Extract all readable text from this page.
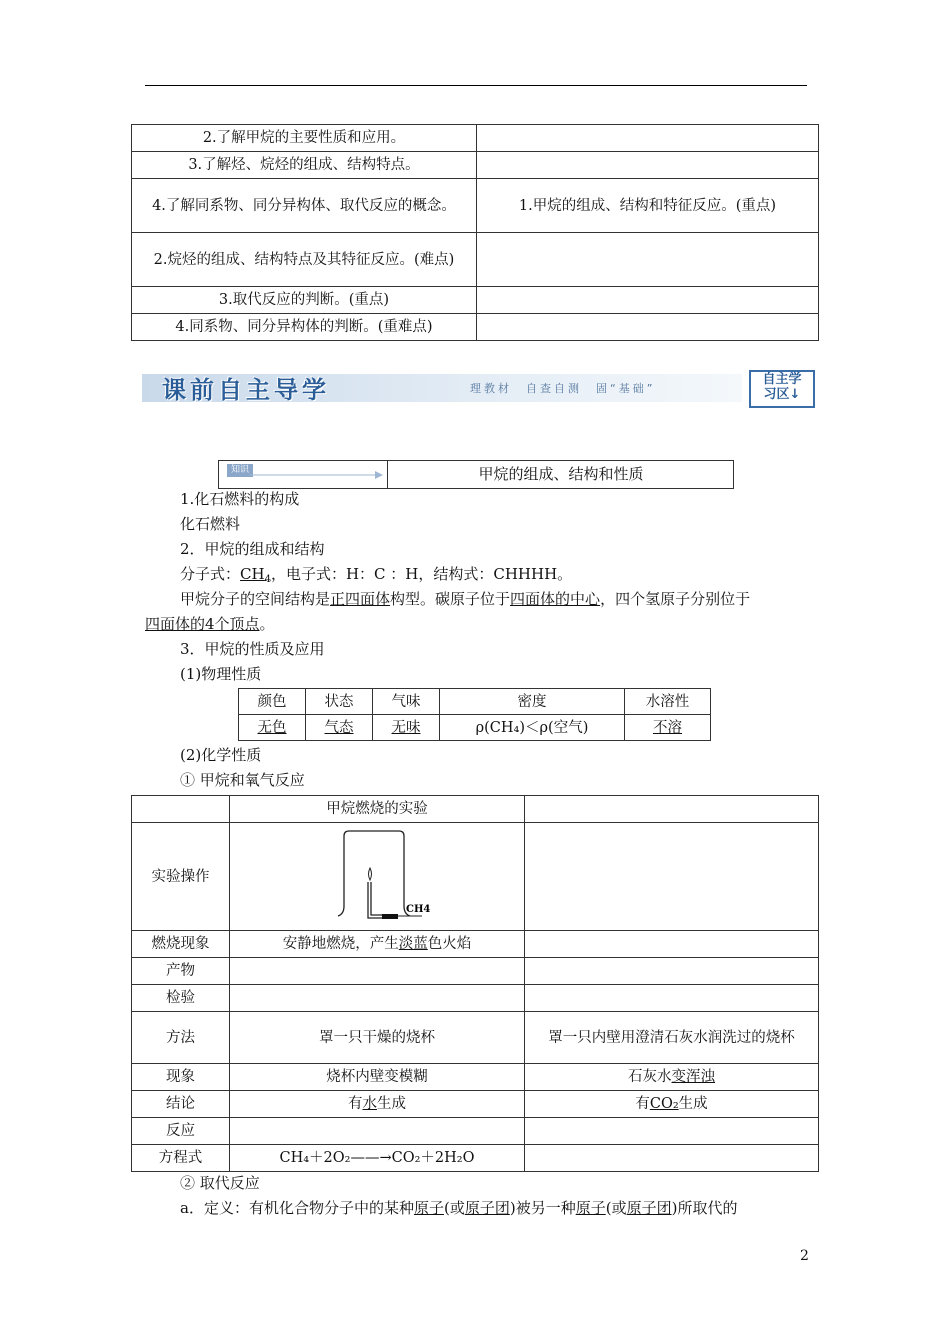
2.了解甲烷的主要性质和应用。	
3.了解烃、烷烃的组成、结构特点。	
4.了解同系物、同分异构体、取代反应的概念。	1.甲烷的组成、结构和特征反应。(重点)
2.烷烃的组成、结构特点及其特征反应。(难点)	
3.取代反应的判断。(重点)	
4.同系物、同分异构体的判断。(重难点)	
课前自主导学	理教材　自查自测　固“基础”
自主学
习区↓
知识	甲烷的组成、结构和性质
1.化石燃料的构成
化石燃料
2．甲烷的组成和结构
分子式：$CH_4$，电子式：H：C ：H，结构式：CHHHH。
甲烷分子的空间结构是正四面体构型。碳原子位于四面体的中心，四个氢原子分别位于
四面体的4个顶点。
3．甲烷的性质及应用
(1)物理性质
颜色	状态	气味	密度	水溶性
无色	气态	无味	ρ(CH₄)＜ρ(空气)	不溶
(2)化学性质
① 甲烷和氧气反应
	甲烷燃烧的实验	
实验操作	CH4	

燃烧现象	安静地燃烧，产生淡蓝色火焰	
产物		
检验		
方法	罩一只干燥的烧杯	罩一只内壁用澄清石灰水润洗过的烧杯
现象	烧杯内壁变模糊	石灰水变浑浊
结论	有水生成	有CO₂生成
反应		
方程式	CH₄＋2O₂——→CO₂＋2H₂O	
② 取代反应
a．定义：有机化合物分子中的某种原子(或原子团)被另一种原子(或原子团)所取代的
2
